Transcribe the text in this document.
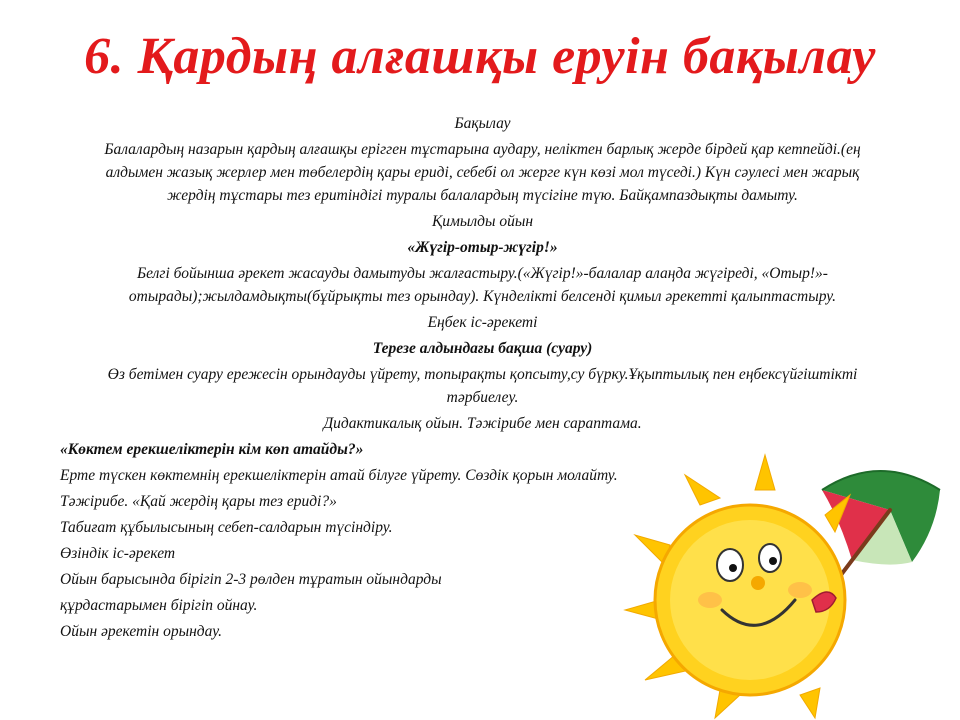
6. Қардың алғашқы еруін бақылау
Бақылау
Балалардың назарын қардың алғашқы ерігген тұстарына аудару, неліктен барлық жерде бірдей қар кетпейді.(ең алдымен жазық жерлер мен төбелердің қары ериді, себебі ол жерге күн көзі мол түседі.) Күн сәулесі мен жарық жердің тұстары тез еритіндігі туралы балалардың түсігіне түю. Байқампаздықты дамыту.
Қимылды ойын
«Жүгір-отыр-жүгір!»
Белгі бойынша әрекет жасауды дамытуды жалғастыру.(«Жүгір!»-балалар алаңда жүгіреді, «Отыр!»-отырады);жылдамдықты(бұйрықты тез орындау). Күнделікті белсенді қимыл әрекетті қалыптастыру.
Еңбек іс-әрекеті
Терезе алдындағы бақша (суару)
Өз бетімен суару ережесін орындауды үйрету, топырақты қопсыту,су бүрку.Ұқыптылық пен еңбексүйгіштікті тәрбиелеу.
Дидактикалық ойын. Тәжірибе мен сараптама.
«Көктем ерекшеліктерін кім көп атайды?»
Ерте түскен көктемнің ерекшеліктерін атай білуге үйрету. Сөздік қорын молайту.
Тәжірибе. «Қай жердің қары тез ериді?»
Табиғат құбылысының себеп-салдарын түсіндіру.
Өзіндік іс-әрекет
Ойын барысында бірігіп 2-3 рөлден тұратын ойындарды
құрдастарымен бірігіп ойнау.
Ойын әрекетін орындау.
